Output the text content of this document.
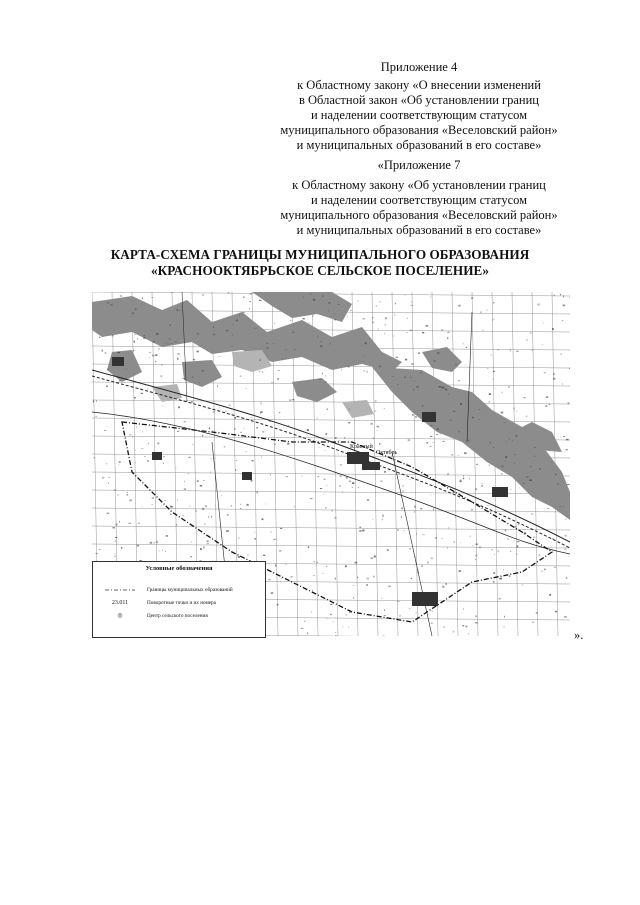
Приложение 4
к Областному закону «О внесении изменений
в Областной закон «Об установлении границ
и наделении соответствующим статусом
муниципального образования «Веселовский район»
и муниципальных образований в его составе»
«Приложение 7
к Областному закону «Об установлении границ
и наделении соответствующим статусом
муниципального образования «Веселовский район»
и муниципальных образований в его составе»
КАРТА-СХЕМА ГРАНИЦЫ МУНИЦИПАЛЬНОГО ОБРАЗОВАНИЯ
«КРАСНООКТЯБРЬСКОЕ СЕЛЬСКОЕ ПОСЕЛЕНИЕ»
Красный
Октябрь
Условные обозначения
Границы муниципальных образований
23.011	Поворотные точки и их номера
◎	Центр сельского поселения
».
